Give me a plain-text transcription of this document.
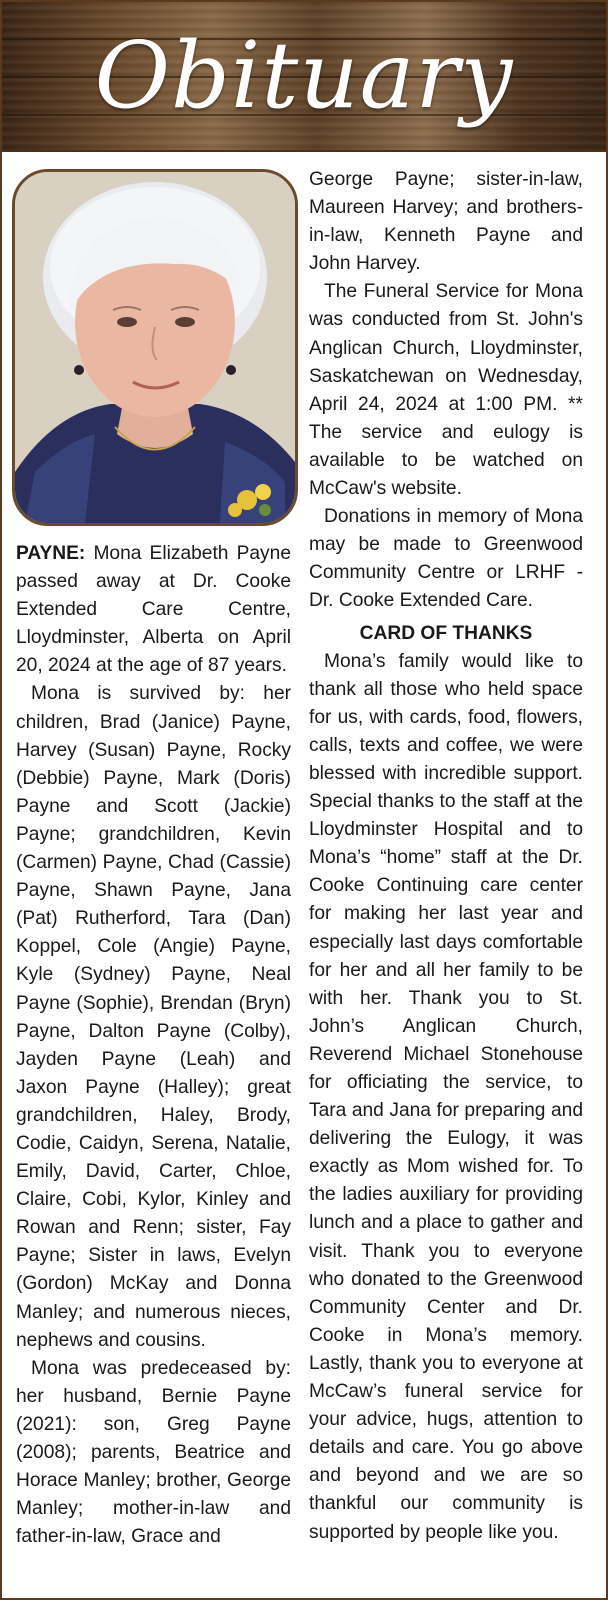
Obituary

PAYNE: Mona Elizabeth Payne passed away at Dr. Cooke Extended Care Centre, Lloydminster, Alberta on April 20, 2024 at the age of 87 years.

Mona is survived by: her children, Brad (Janice) Payne, Harvey (Susan) Payne, Rocky (Debbie) Payne, Mark (Doris) Payne and Scott (Jackie) Payne; grandchildren, Kevin (Carmen) Payne, Chad (Cassie) Payne, Shawn Payne, Jana (Pat) Rutherford, Tara (Dan) Koppel, Cole (Angie) Payne, Kyle (Sydney) Payne, Neal Payne (Sophie), Brendan (Bryn) Payne, Dalton Payne (Colby), Jayden Payne (Leah) and Jaxon Payne (Halley); great grandchildren, Haley, Brody, Codie, Caidyn, Serena, Natalie, Emily, David, Carter, Chloe, Claire, Cobi, Kylor, Kinley and Rowan and Renn; sister, Fay Payne; Sister in laws, Evelyn (Gordon) McKay and Donna Manley; and numerous nieces, nephews and cousins.

Mona was predeceased by: her husband, Bernie Payne (2021): son, Greg Payne (2008); parents, Beatrice and Horace Manley; brother, George Manley; mother-in-law and father-in-law, Grace and

George Payne; sister-in-law, Maureen Harvey; and brothers-in-law, Kenneth Payne and John Harvey.

The Funeral Service for Mona was conducted from St. John's Anglican Church, Lloydminster, Saskatchewan on Wednesday, April 24, 2024 at 1:00 PM. ** The service and eulogy is available to be watched on McCaw's website.

Donations in memory of Mona may be made to Greenwood Community Centre or LRHF - Dr. Cooke Extended Care.

CARD OF THANKS

Mona’s family would like to thank all those who held space for us, with cards, food, flowers, calls, texts and coffee, we were blessed with incredible support. Special thanks to the staff at the Lloydminster Hospital and to Mona’s “home” staff at the Dr. Cooke Continuing care center for making her last year and especially last days comfortable for her and all her family to be with her. Thank you to St. John’s Anglican Church, Reverend Michael Stonehouse for officiating the service, to Tara and Jana for preparing and delivering the Eulogy, it was exactly as Mom wished for. To the ladies auxiliary for providing lunch and a place to gather and visit. Thank you to everyone who donated to the Greenwood Community Center and Dr. Cooke in Mona’s memory. Lastly, thank you to everyone at McCaw’s funeral service for your advice, hugs, attention to details and care. You go above and beyond and we are so thankful our community is supported by people like you.
